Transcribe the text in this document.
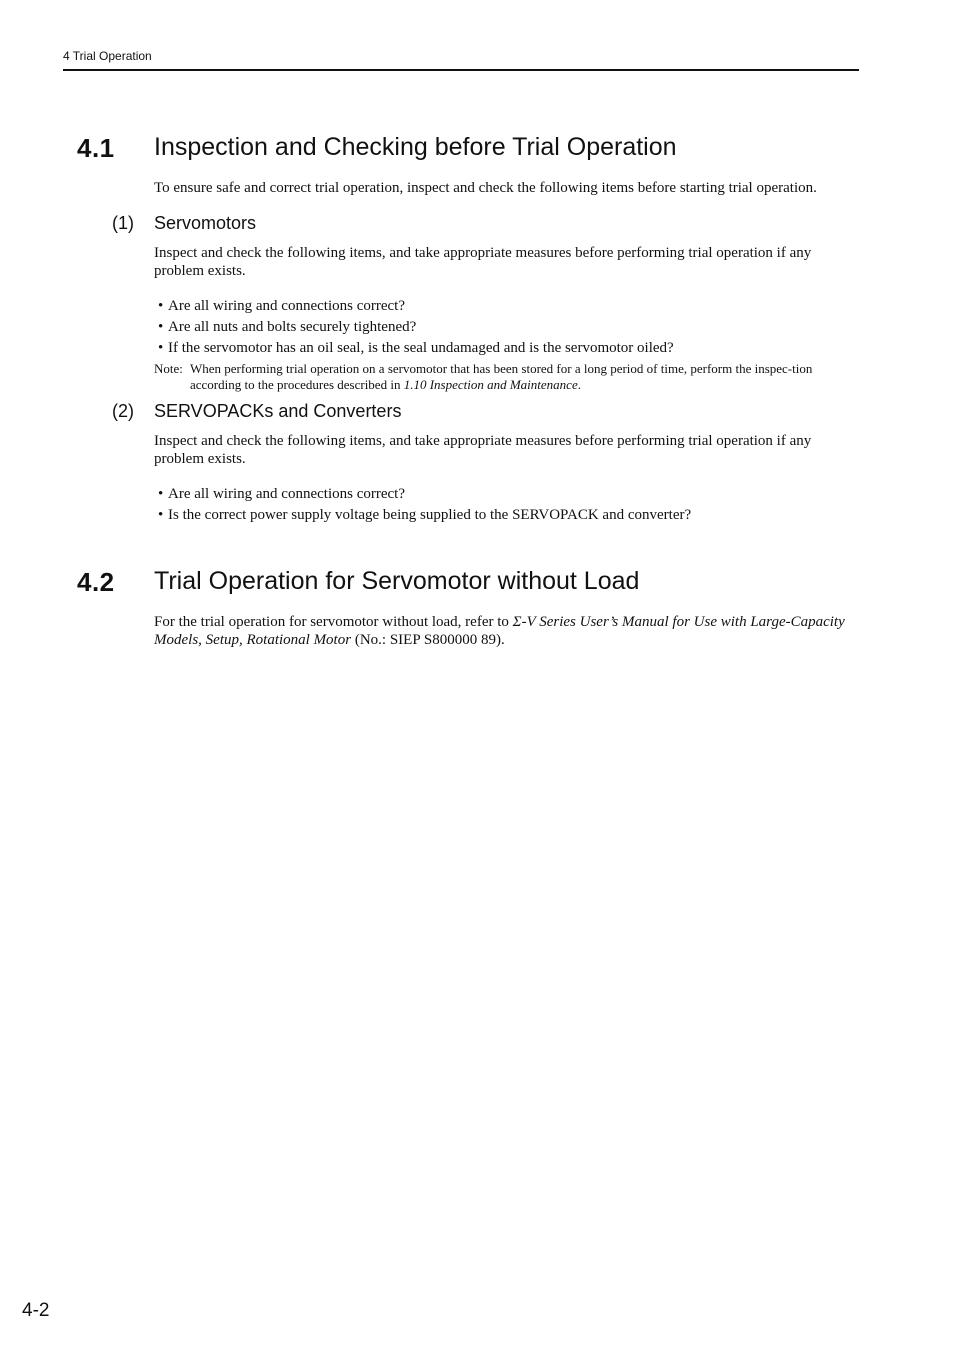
4 Trial Operation
4.1 Inspection and Checking before Trial Operation
To ensure safe and correct trial operation, inspect and check the following items before starting trial operation.
(1) Servomotors
Inspect and check the following items, and take appropriate measures before performing trial operation if any problem exists.
• Are all wiring and connections correct?
• Are all nuts and bolts securely tightened?
• If the servomotor has an oil seal, is the seal undamaged and is the servomotor oiled?
Note: When performing trial operation on a servomotor that has been stored for a long period of time, perform the inspec-tion according to the procedures described in 1.10 Inspection and Maintenance.
(2) SERVOPACKs and Converters
Inspect and check the following items, and take appropriate measures before performing trial operation if any problem exists.
• Are all wiring and connections correct?
• Is the correct power supply voltage being supplied to the SERVOPACK and converter?
4.2 Trial Operation for Servomotor without Load
For the trial operation for servomotor without load, refer to Σ-V Series User’s Manual for Use with Large-Capacity Models, Setup, Rotational Motor (No.: SIEP S800000 89).
4-2
